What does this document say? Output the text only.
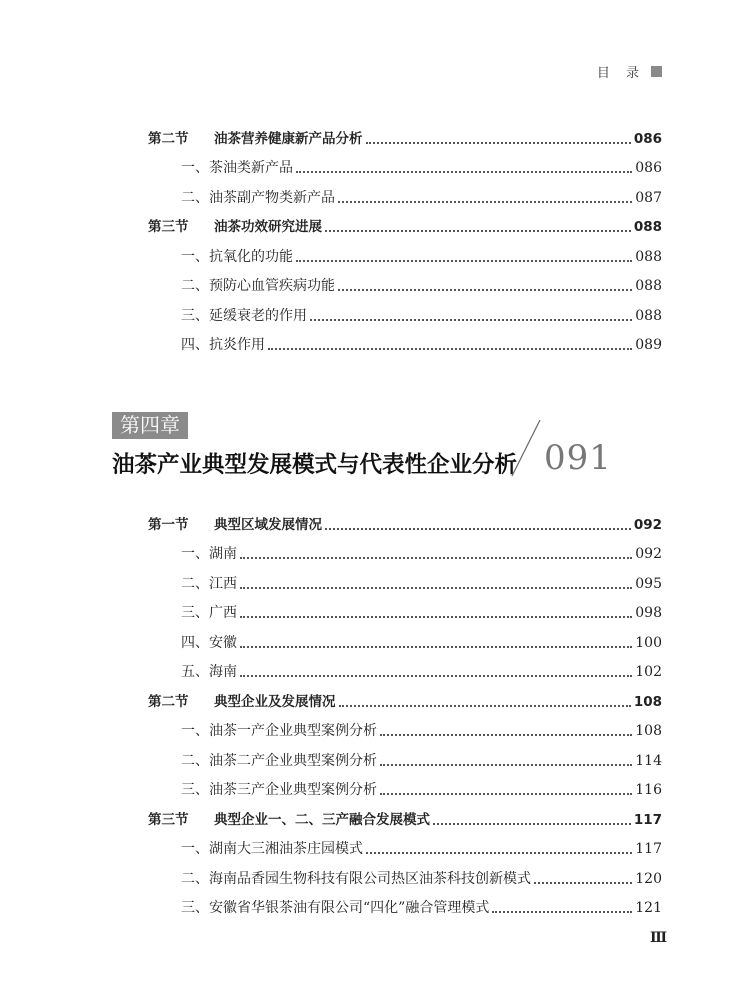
目 录
第二节 油茶营养健康新产品分析	086
一、茶油类新产品	086
二、油茶副产物类新产品	087
第三节 油茶功效研究进展	088
一、抗氧化的功能	088
二、预防心血管疾病功能	088
三、延缓衰老的作用	088
四、抗炎作用	089
第四章
油茶产业典型发展模式与代表性企业分析 091
第一节 典型区域发展情况	092
一、湖南	092
二、江西	095
三、广西	098
四、安徽	100
五、海南	102
第二节 典型企业及发展情况	108
一、油茶一产企业典型案例分析	108
二、油茶二产企业典型案例分析	114
三、油茶三产企业典型案例分析	116
第三节 典型企业一、二、三产融合发展模式	117
一、湖南大三湘油茶庄园模式	117
二、海南品香园生物科技有限公司热区油茶科技创新模式	120
三、安徽省华银茶油有限公司“四化”融合管理模式	121
Ⅲ
